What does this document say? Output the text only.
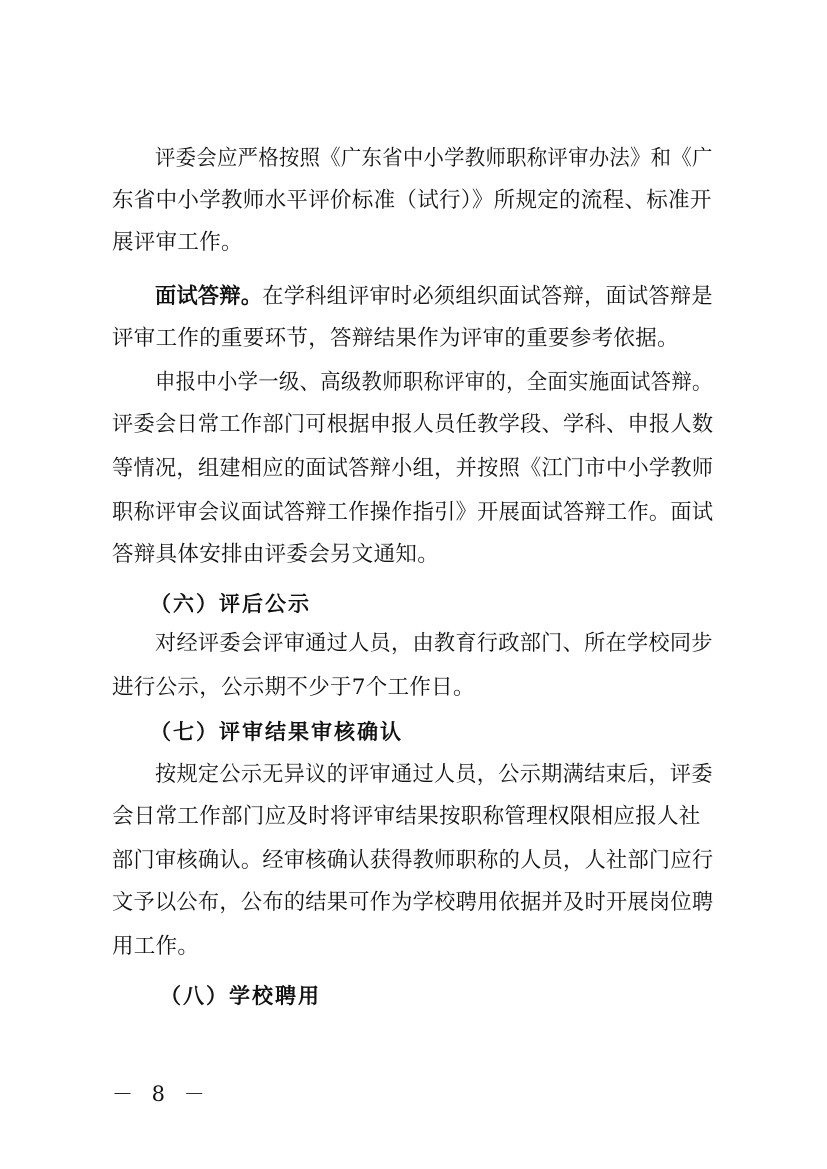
评委会应严格按照《广东省中小学教师职称评审办法》和《广
东省中小学教师水平评价标准（试行）》所规定的流程、标准开
展评审工作。
面试答辩。在学科组评审时必须组织面试答辩，面试答辩是
评审工作的重要环节，答辩结果作为评审的重要参考依据。
申报中小学一级、高级教师职称评审的，全面实施面试答辩。
评委会日常工作部门可根据申报人员任教学段、学科、申报人数
等情况，组建相应的面试答辩小组，并按照《江门市中小学教师
职称评审会议面试答辩工作操作指引》开展面试答辩工作。面试
答辩具体安排由评委会另文通知。
（六）评后公示
对经评委会评审通过人员，由教育行政部门、所在学校同步
进行公示，公示期不少于7个工作日。
（七）评审结果审核确认
按规定公示无异议的评审通过人员，公示期满结束后，评委
会日常工作部门应及时将评审结果按职称管理权限相应报人社
部门审核确认。经审核确认获得教师职称的人员，人社部门应行
文予以公布，公布的结果可作为学校聘用依据并及时开展岗位聘
用工作。
（八）学校聘用
－ 8 －
